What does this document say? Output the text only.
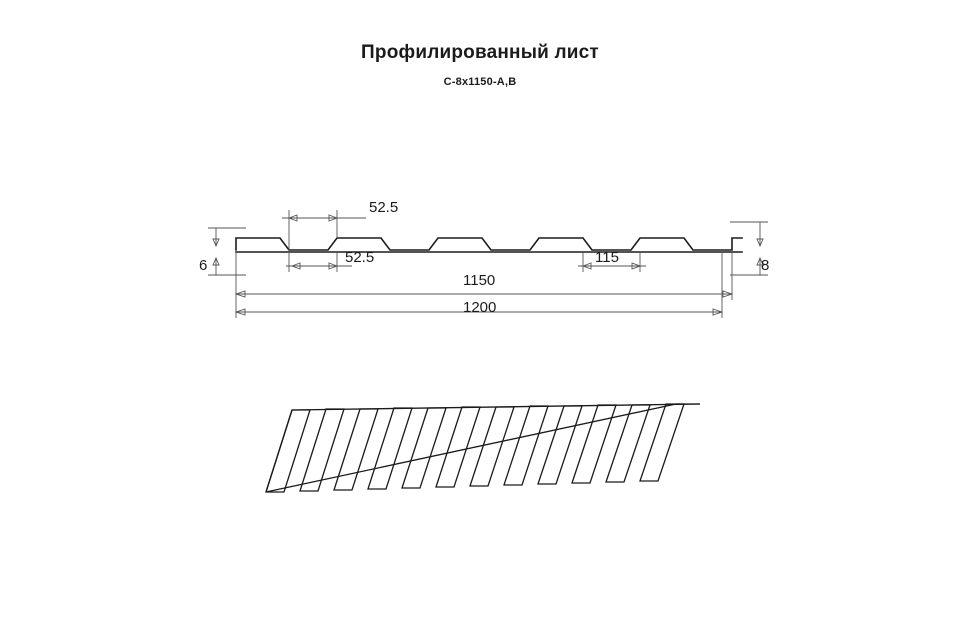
Профилированный лист
С-8х1150-А,В
52.5
52.5	115
6	8
1150
1200
